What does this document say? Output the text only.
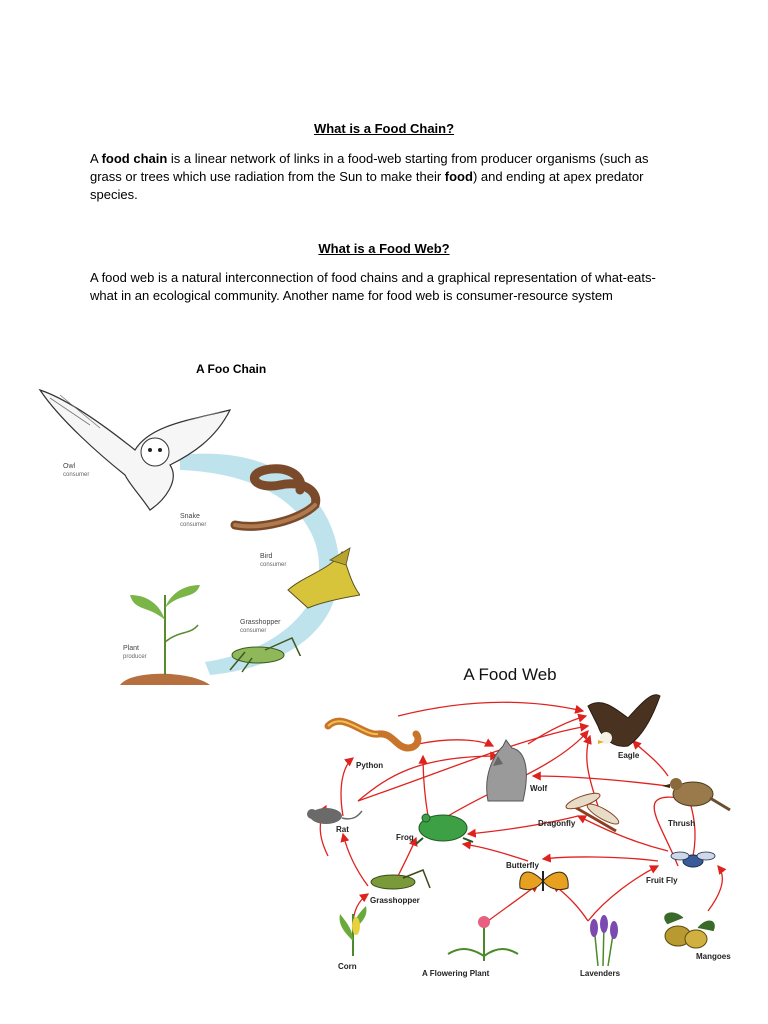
What is a Food Chain?
A food chain is a linear network of links in a food-web starting from producer organisms (such as grass or trees which use radiation from the Sun to make their food) and ending at apex predator species.
What is a Food Web?
A food web is a natural interconnection of food chains and a graphical representation of what-eats-what in an ecological community. Another name for food web is consumer-resource system
A Foo Chain
Owl
consumer
Snake
consumer
Bird
consumer
Grasshopper
consumer
Plant
producer
A Food Web
Python
Eagle
Wolf
Rat
Frog
Dragonfly	Thrush
Butterfly
Fruit Fly
Grasshopper
Corn
A Flowering Plant	Lavenders
Mangoes
